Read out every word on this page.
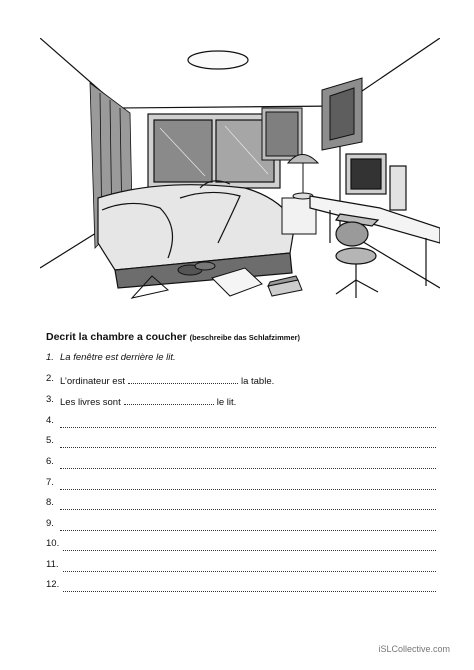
Decrit la chambre a coucher (beschreibe das Schlafzimmer)
1. La fenêtre est derrière le lit.
2. L’ordinateur est	la table.
3. Les livres sont	le lit.
4.
5.
6.
7.
8.
9.
10.
11.
12.
iSLCollective.com
